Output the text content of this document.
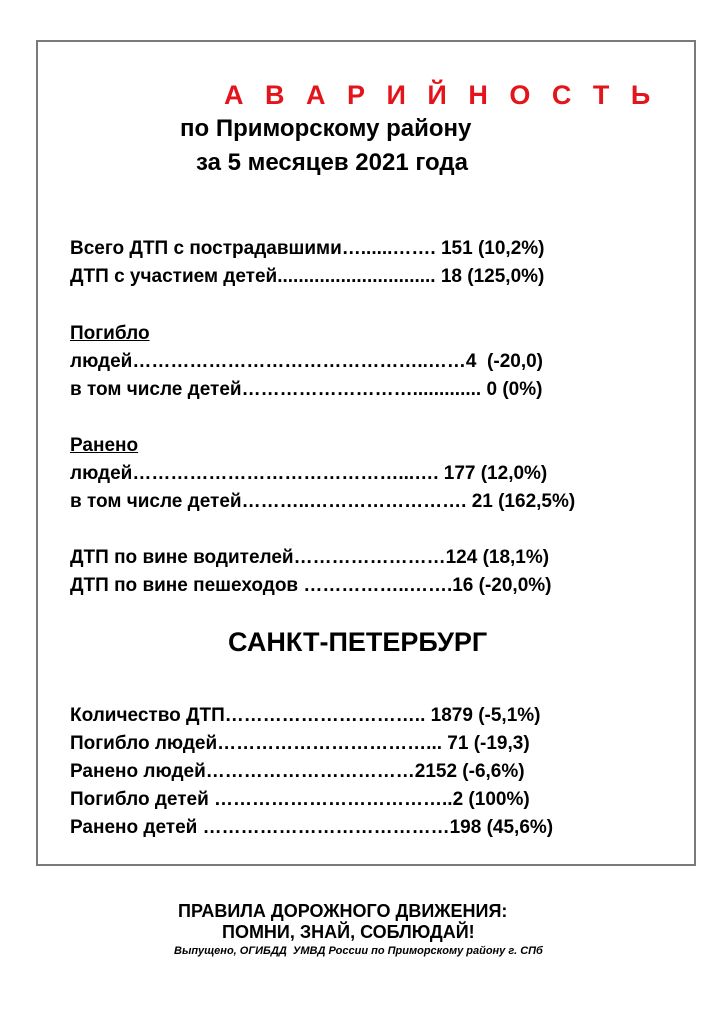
А В А Р И Й Н О С Т Ь
по Приморскому району
за 5 месяцев 2021 года
Всего ДТП с пострадавшими…......……. 151 (10,2%)
ДТП с участием детей.............................. 18 (125,0%)
Погибло
людей………………………………………..……4  (-20,0)
в том числе детей………………………............. 0 (0%)
Ранено
людей……………………………………...…. 177 (12,0%)
в том числе детей………..……………………. 21 (162,5%)
ДТП по вине водителей……………………124 (18,1%)
ДТП по вине пешеходов ……………..…….16 (-20,0%)
САНКТ-ПЕТЕРБУРГ
Количество ДТП………………………….. 1879 (-5,1%)
Погибло людей……………………………... 71 (-19,3)
Ранено людей……………………………2152 (-6,6%)
Погибло детей ………………………………..2 (100%)
Ранено детей …………………………………198 (45,6%)
ПРАВИЛА ДОРОЖНОГО ДВИЖЕНИЯ:
ПОМНИ, ЗНАЙ, СОБЛЮДАЙ!
Выпущено, ОГИБДД  УМВД России по Приморскому району г. СПб
